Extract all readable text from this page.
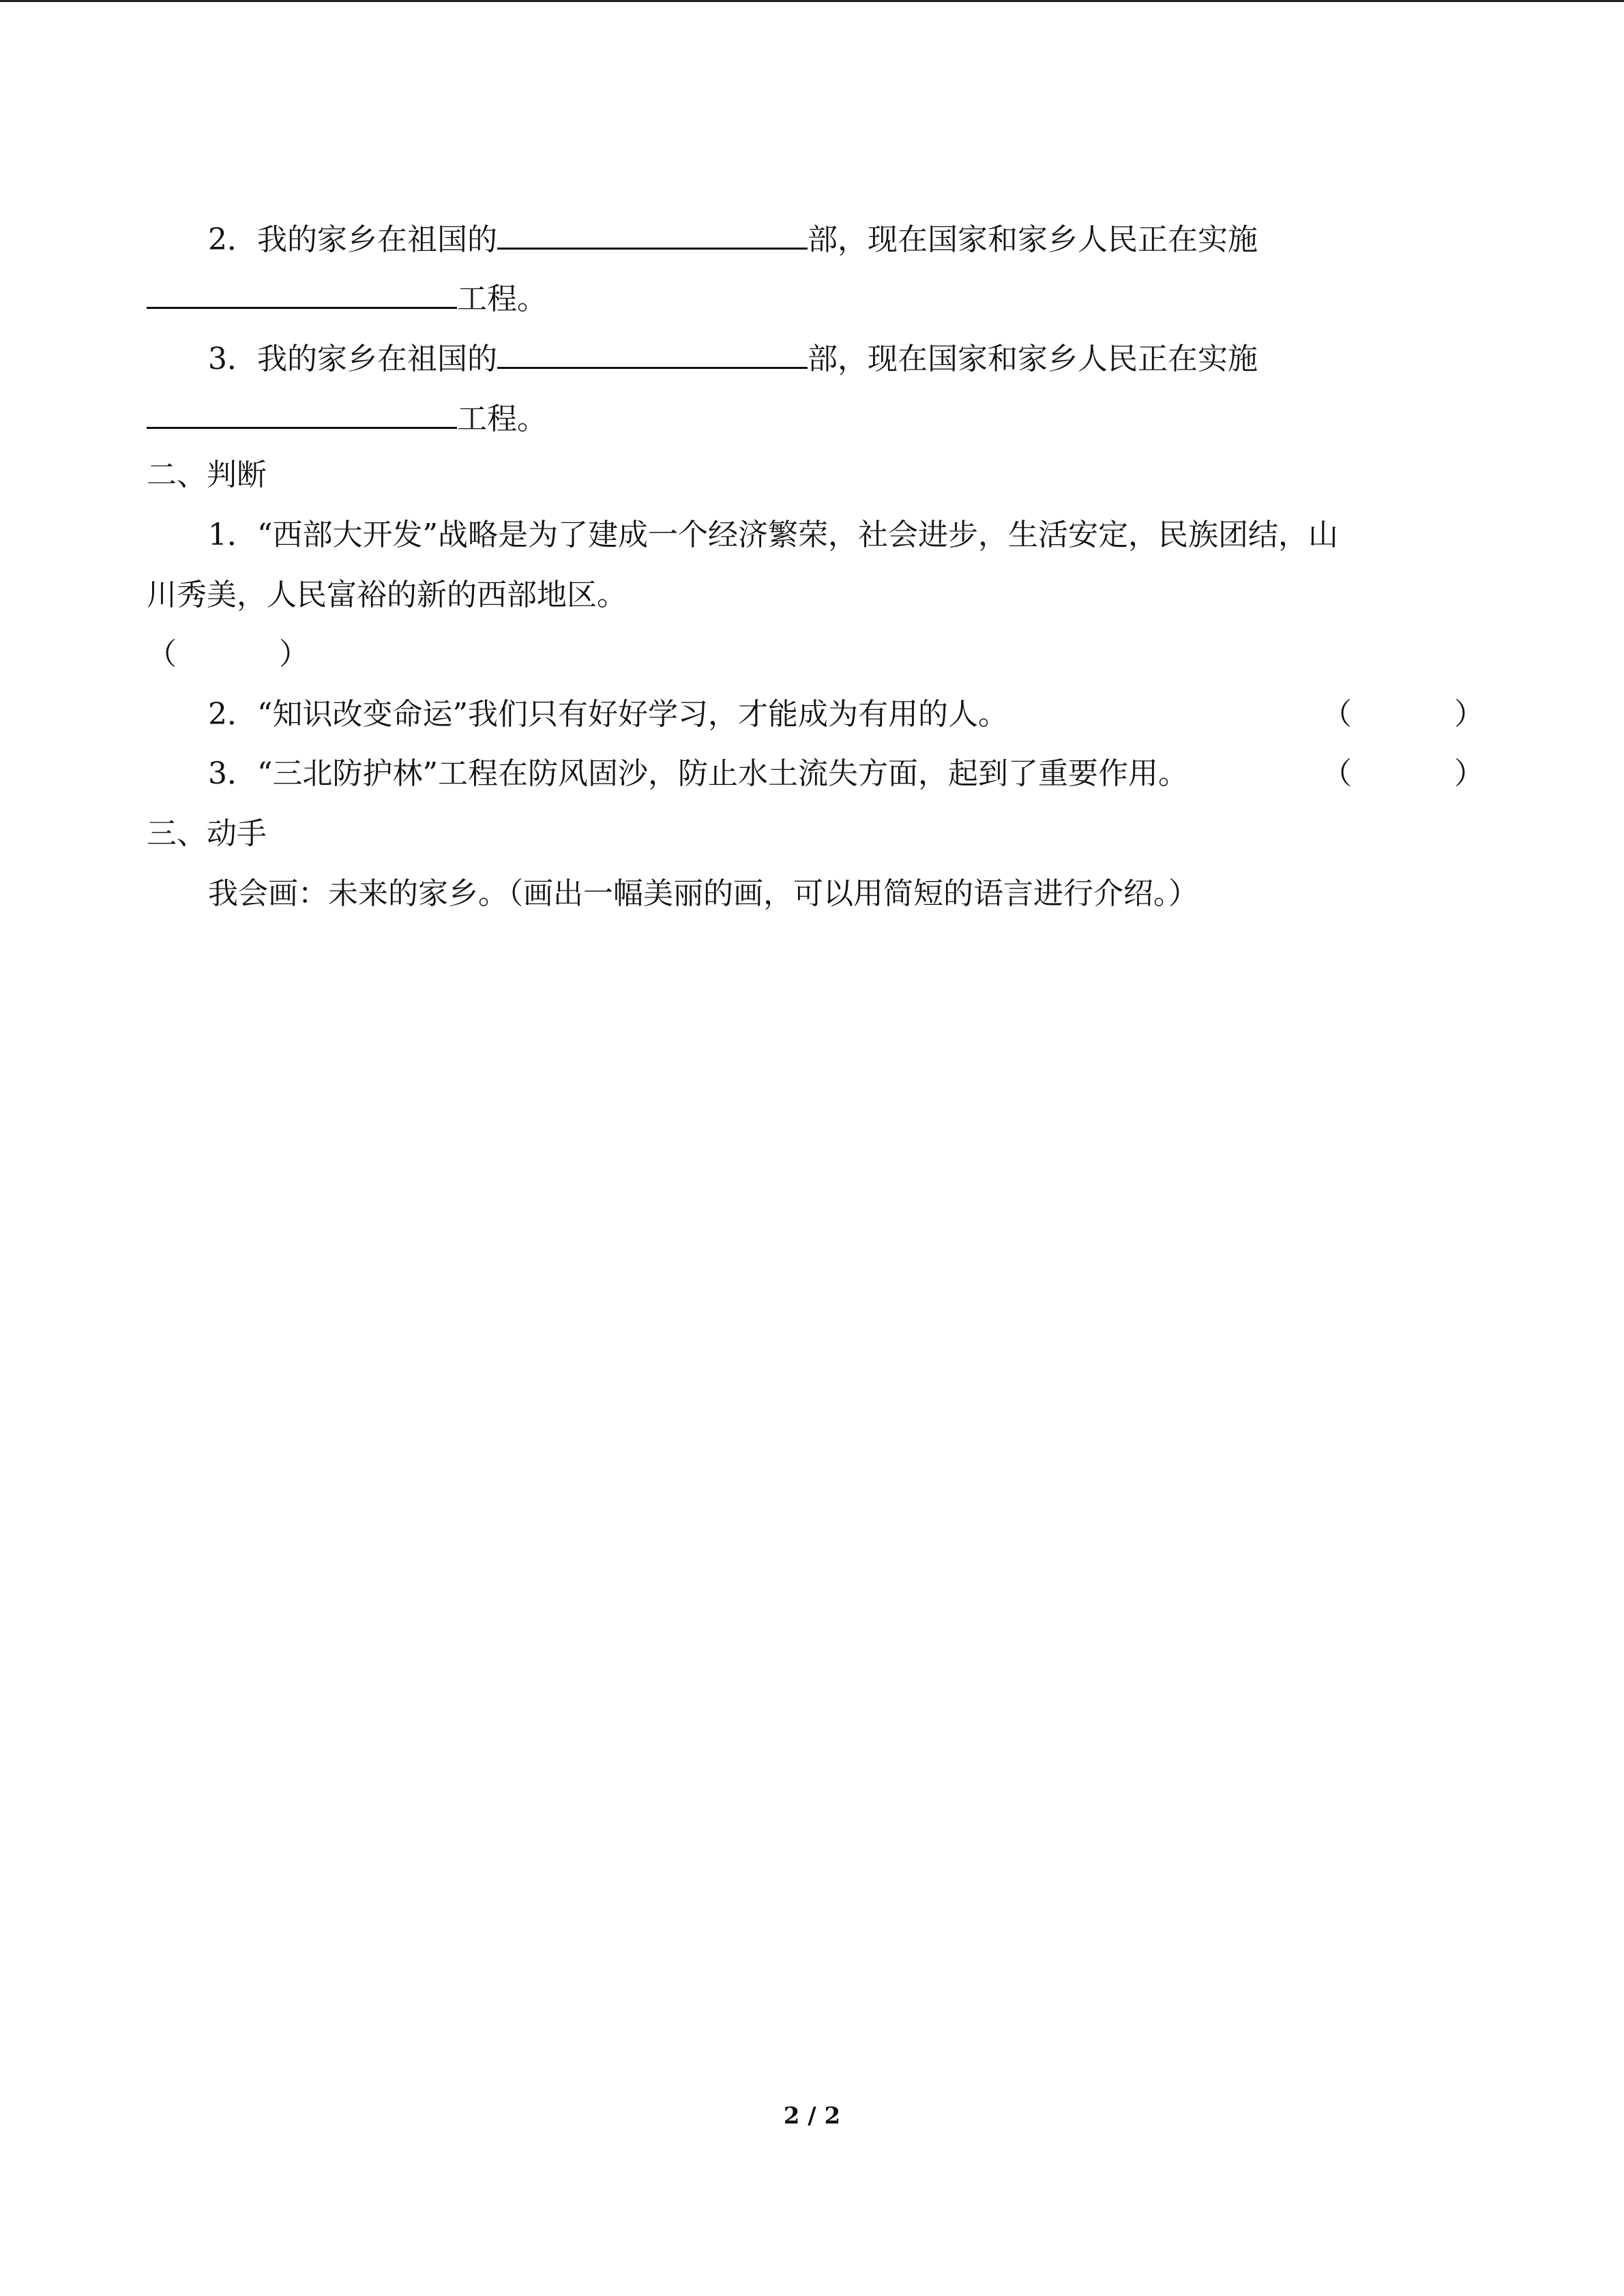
2．我的家乡在祖国的	部，现在国家和家乡人民正在实施
工程。
3．我的家乡在祖国的	部，现在国家和家乡人民正在实施
工程。
二、判断
1．“西部大开发”战略是为了建成一个经济繁荣，社会进步，生活安定，民族团结，山
川秀美，人民富裕的新的西部地区。
（	）
2．“知识改变命运”我们只有好好学习，才能成为有用的人。	（	）
3．“三北防护林”工程在防风固沙，防止水土流失方面，起到了重要作用。	（	）
三、动手
我会画：未来的家乡。（画出一幅美丽的画，可以用简短的语言进行介绍。）
2 / 2
